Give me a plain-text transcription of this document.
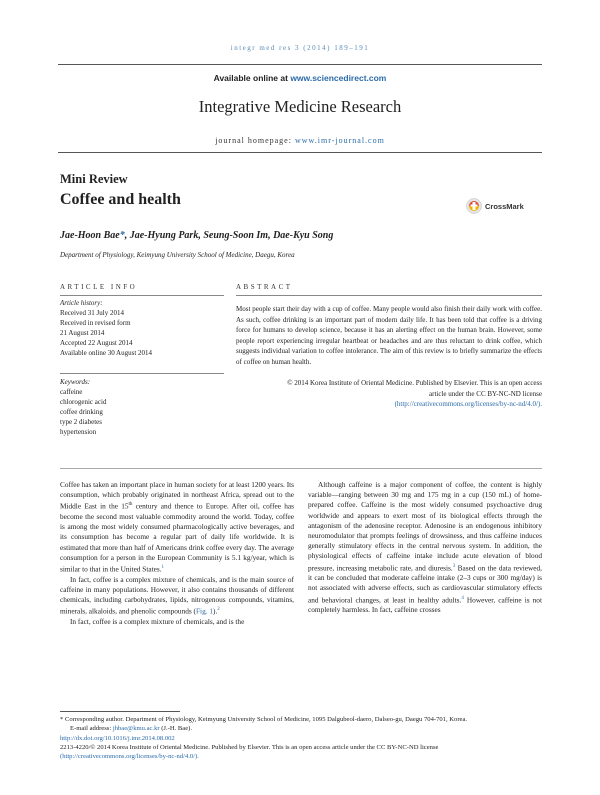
integr med res 3 (2014) 189–191
Available online at www.sciencedirect.com
Integrative Medicine Research
journal homepage: www.imr-journal.com
Mini Review
Coffee and health	CrossMark
Jae-Hoon Bae*, Jae-Hyung Park, Seung-Soon Im, Dae-Kyu Song
Department of Physiology, Keimyung University School of Medicine, Daegu, Korea
ARTICLE INFO
Article history:
Received 31 July 2014
Received in revised form
21 August 2014
Accepted 22 August 2014
Available online 30 August 2014
Keywords:
caffeine
chlorogenic acid
coffee drinking
type 2 diabetes
hypertension
ABSTRACT
Most people start their day with a cup of coffee. Many people would also finish their daily work with coffee. As such, coffee drinking is an important part of modern daily life. It has been told that coffee is a driving force for humans to develop science, because it has an alerting effect on the human brain. However, some people report experiencing irregular heartbeat or headaches and are thus reluctant to drink coffee, which suggests individual variation to coffee intolerance. The aim of this review is to briefly summarize the effects of coffee on human health.
© 2014 Korea Institute of Oriental Medicine. Published by Elsevier. This is an open access
article under the CC BY-NC-ND license
(http://creativecommons.org/licenses/by-nc-nd/4.0/).

Coffee has taken an important place in human society for at least 1200 years. Its consumption, which probably originated in northeast Africa, spread out to the Middle East in the 15th century and thence to Europe. After oil, coffee has become the second most valuable commodity around the world. Today, coffee is among the most widely consumed pharmacologically active beverages, and its consumption has become a regular part of daily life worldwide. It is estimated that more than half of Americans drink coffee every day. The average consumption for a person in the European Community is 5.1 kg/year, which is similar to that in the United States.$^1$

In fact, coffee is a complex mixture of chemicals, and is the main source of caffeine in many populations. However, it also contains thousands of different chemicals, including carbohydrates, lipids, nitrogenous compounds, vitamins, minerals, alkaloids, and phenolic compounds (Fig. 1).$^2$

In fact, coffee is a complex mixture of chemicals, and is the

Although caffeine is a major component of coffee, the content is highly variable—ranging between 30 mg and 175 mg in a cup (150 mL) of home-prepared coffee. Caffeine is the most widely consumed psychoactive drug worldwide and appears to exert most of its biological effects through the antagonism of the adenosine receptor. Adenosine is an endogenous inhibitory neuromodulator that prompts feelings of drowsiness, and thus caffeine induces generally stimulatory effects in the central nervous system. In addition, the physiological effects of caffeine intake include acute elevation of blood pressure, increasing metabolic rate, and diuresis.$^3$ Based on the data reviewed, it can be concluded that moderate caffeine intake (2–3 cups or 300 mg/day) is not associated with adverse effects, such as cardiovascular stimulatory effects and behavioral changes, at least in healthy adults.$^4$ However, caffeine is not completely harmless. In fact, caffeine crosses

* Corresponding author. Department of Physiology, Keimyung University School of Medicine, 1095 Dalgubeol-daero, Dalseo-gu, Daegu 704-701, Korea.
E-mail address: jhbae@kmu.ac.kr (J.-H. Bae).
http://dx.doi.org/10.1016/j.imr.2014.08.002
2213-4220/© 2014 Korea Institute of Oriental Medicine. Published by Elsevier. This is an open access article under the CC BY-NC-ND license
(http://creativecommons.org/licenses/by-nc-nd/4.0/).
